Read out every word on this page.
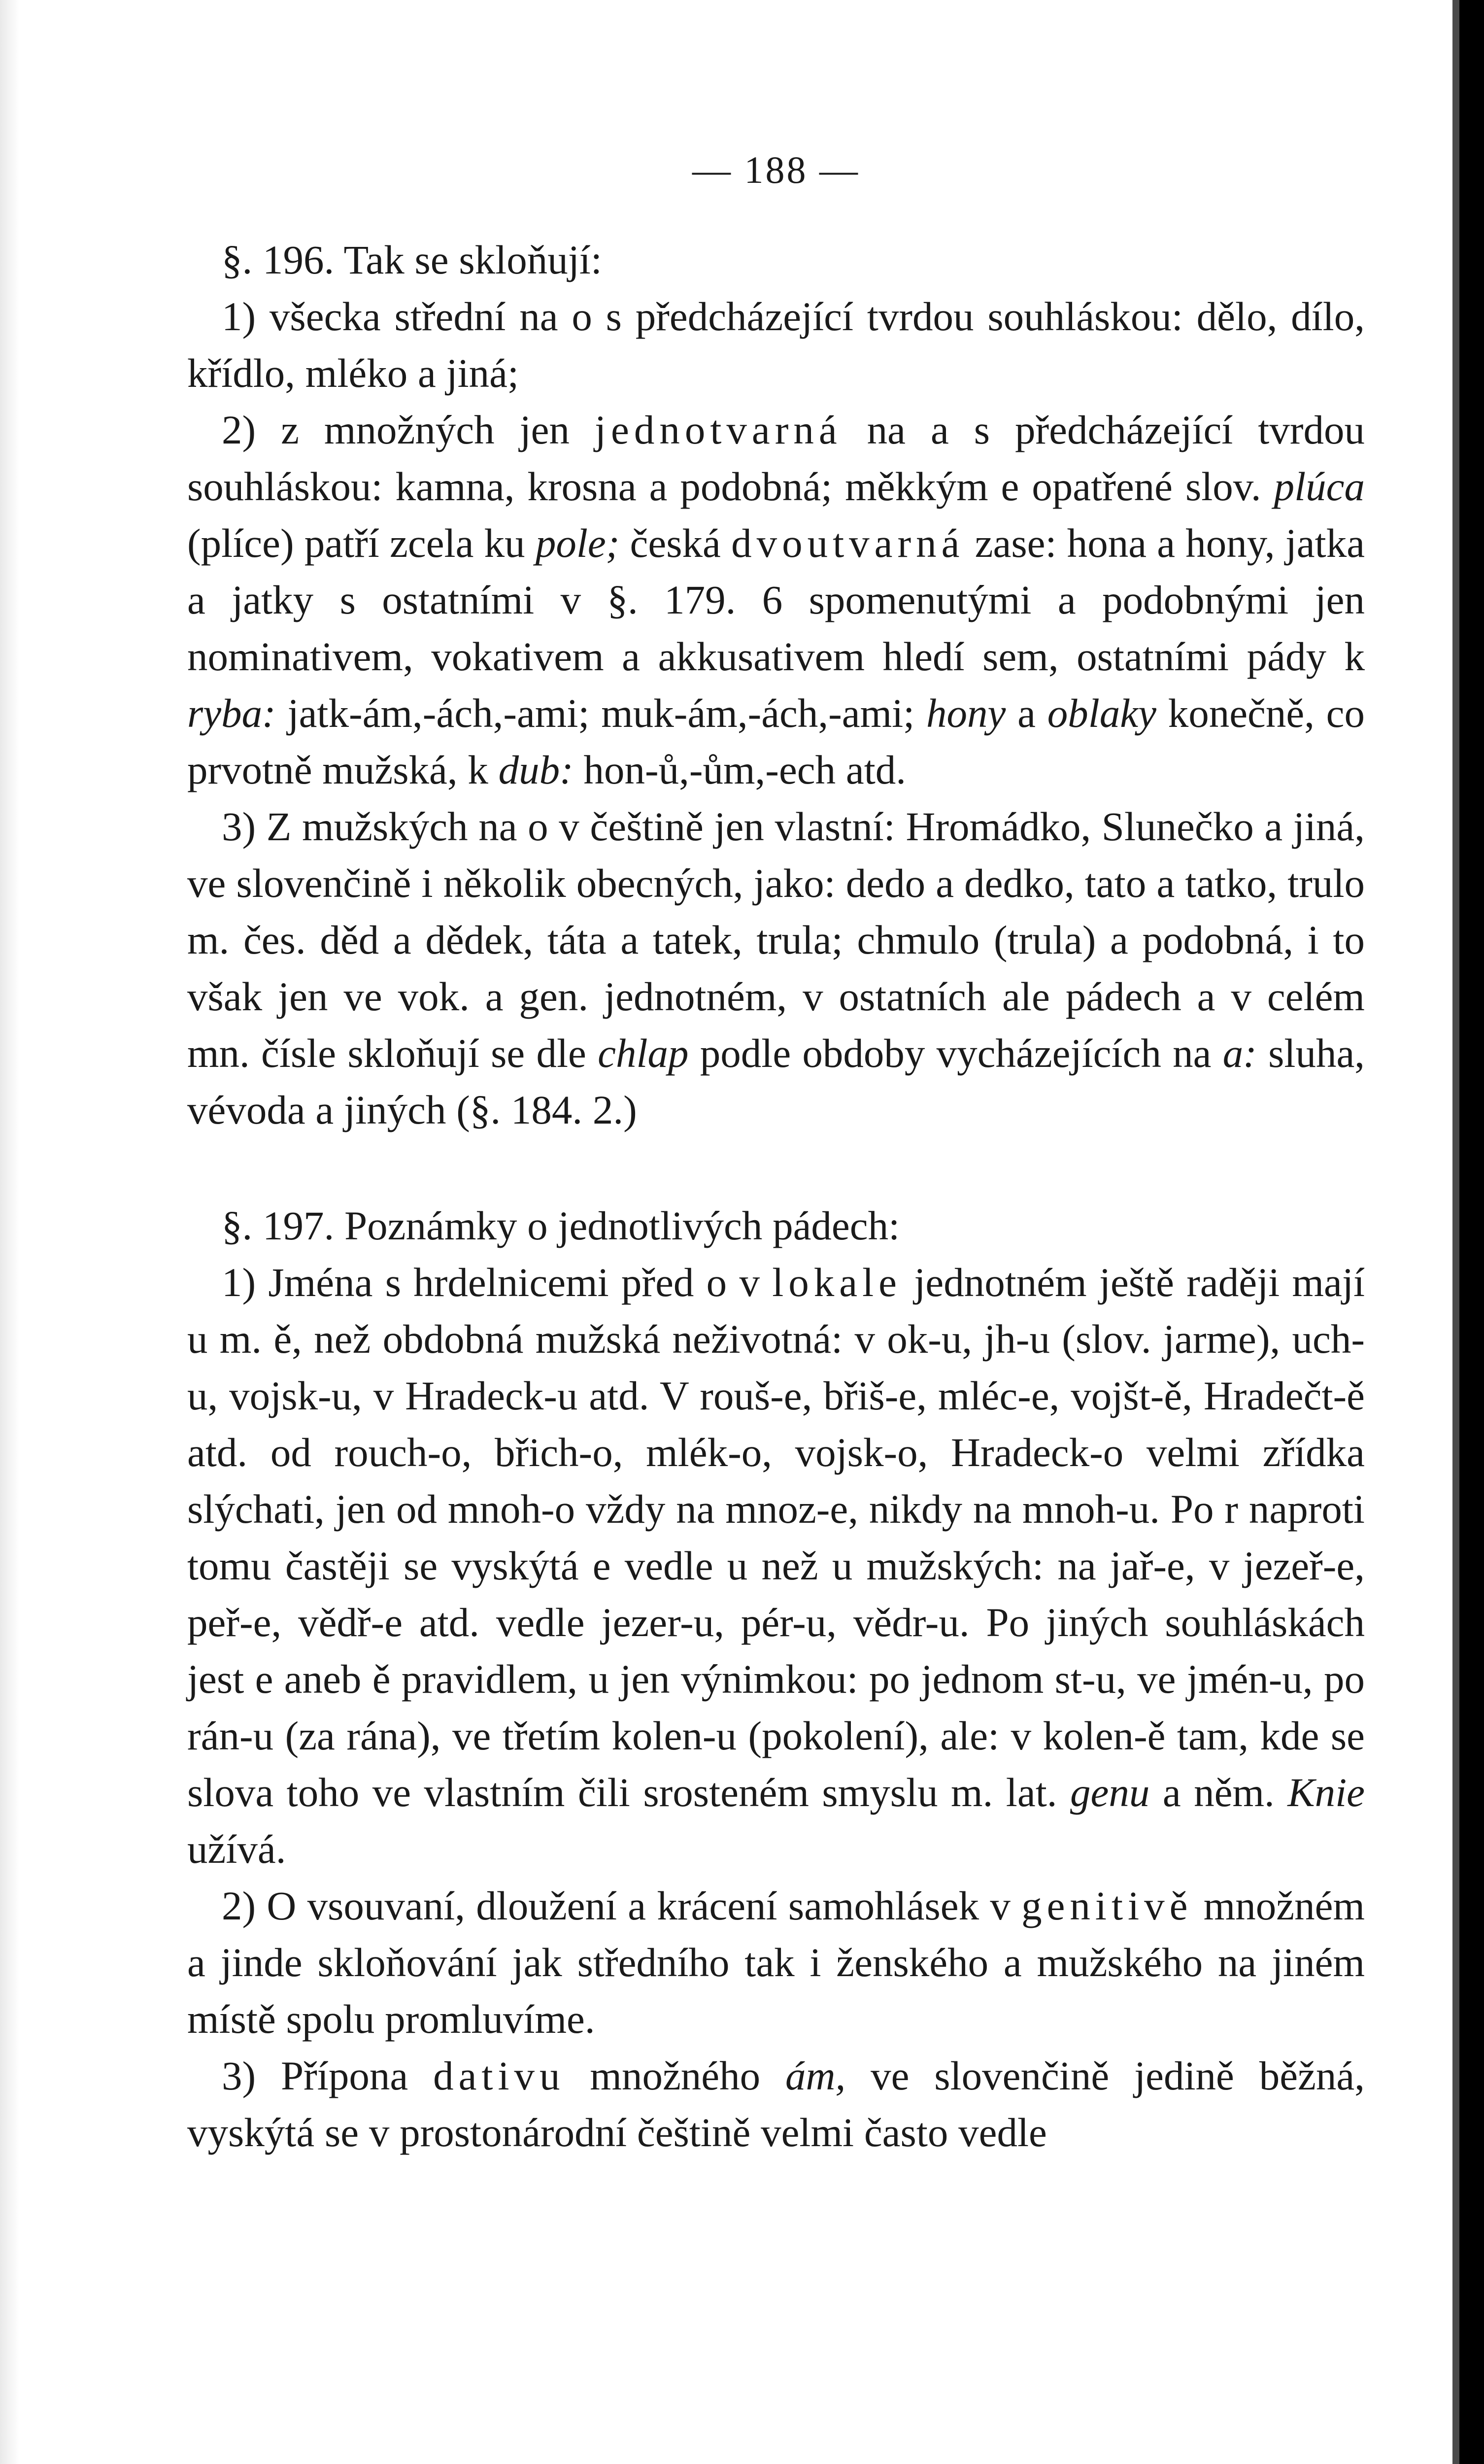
— 188 —

§. 196. Tak se skloňují:

1) všecka střední na o s předcházející tvrdou souhláskou: dělo, dílo, křídlo, mléko a jiná;

2) z množných jen jednotvarná na a s předcházející tvrdou souhláskou: kamna, krosna a podobná; měkkým e opatřené slov. plúca (plíce) patří zcela ku pole; česká dvoutvarná zase: hona a hony, jatka a jatky s ostatními v §. 179. 6 spomenutými a podobnými jen nominativem, vokativem a akkusativem hledí sem, ostatními pády k ryba: jatk-ám,-ách,-ami; muk-ám,-ách,-ami; hony a oblaky konečně, co prvotně mužská, k dub: hon-ů,-ům,-ech atd.

3) Z mužských na o v češtině jen vlastní: Hromádko, Slunečko a jiná, ve slovenčině i několik obecných, jako: dedo a dedko, tato a tatko, trulo m. čes. děd a dědek, táta a tatek, trula; chmulo (trula) a podobná, i to však jen ve vok. a gen. jednotném, v ostatních ale pádech a v celém mn. čísle skloňují se dle chlap podle obdoby vycházejících na a: sluha, vévoda a jiných (§. 184. 2.)

§. 197. Poznámky o jednotlivých pádech:

1) Jména s hrdelnicemi před o v lokale jednotném ještě raději mají u m. ě, než obdobná mužská neživotná: v ok-u, jh-u (slov. jarme), uch-u, vojsk-u, v Hradeck-u atd. V rouš-e, břiš-e, mléc-e, vojšt-ě, Hradečt-ě atd. od rouch-o, břich-o, mlék-o, vojsk-o, Hradeck-o velmi zřídka slýchati, jen od mnoh-o vždy na mnoz-e, nikdy na mnoh-u. Po r naproti tomu častěji se vyskýtá e vedle u než u mužských: na jař-e, v jezeř-e, peř-e, vědř-e atd. vedle jezer-u, pér-u, vědr-u. Po jiných souhláskách jest e aneb ě pravidlem, u jen výnimkou: po jednom st-u, ve jmén-u, po rán-u (za rána), ve třetím kolen-u (pokolení), ale: v kolen-ě tam, kde se slova toho ve vlastním čili srosteném smyslu m. lat. genu a něm. Knie užívá.

2) O vsouvaní, dloužení a krácení samohlásek v genitivě množném a jinde skloňování jak středního tak i ženského a mužského na jiném místě spolu promluvíme.

3) Přípona dativu množného ám, ve slovenčině jedině běžná, vyskýtá se v prostonárodní češtině velmi často vedle
